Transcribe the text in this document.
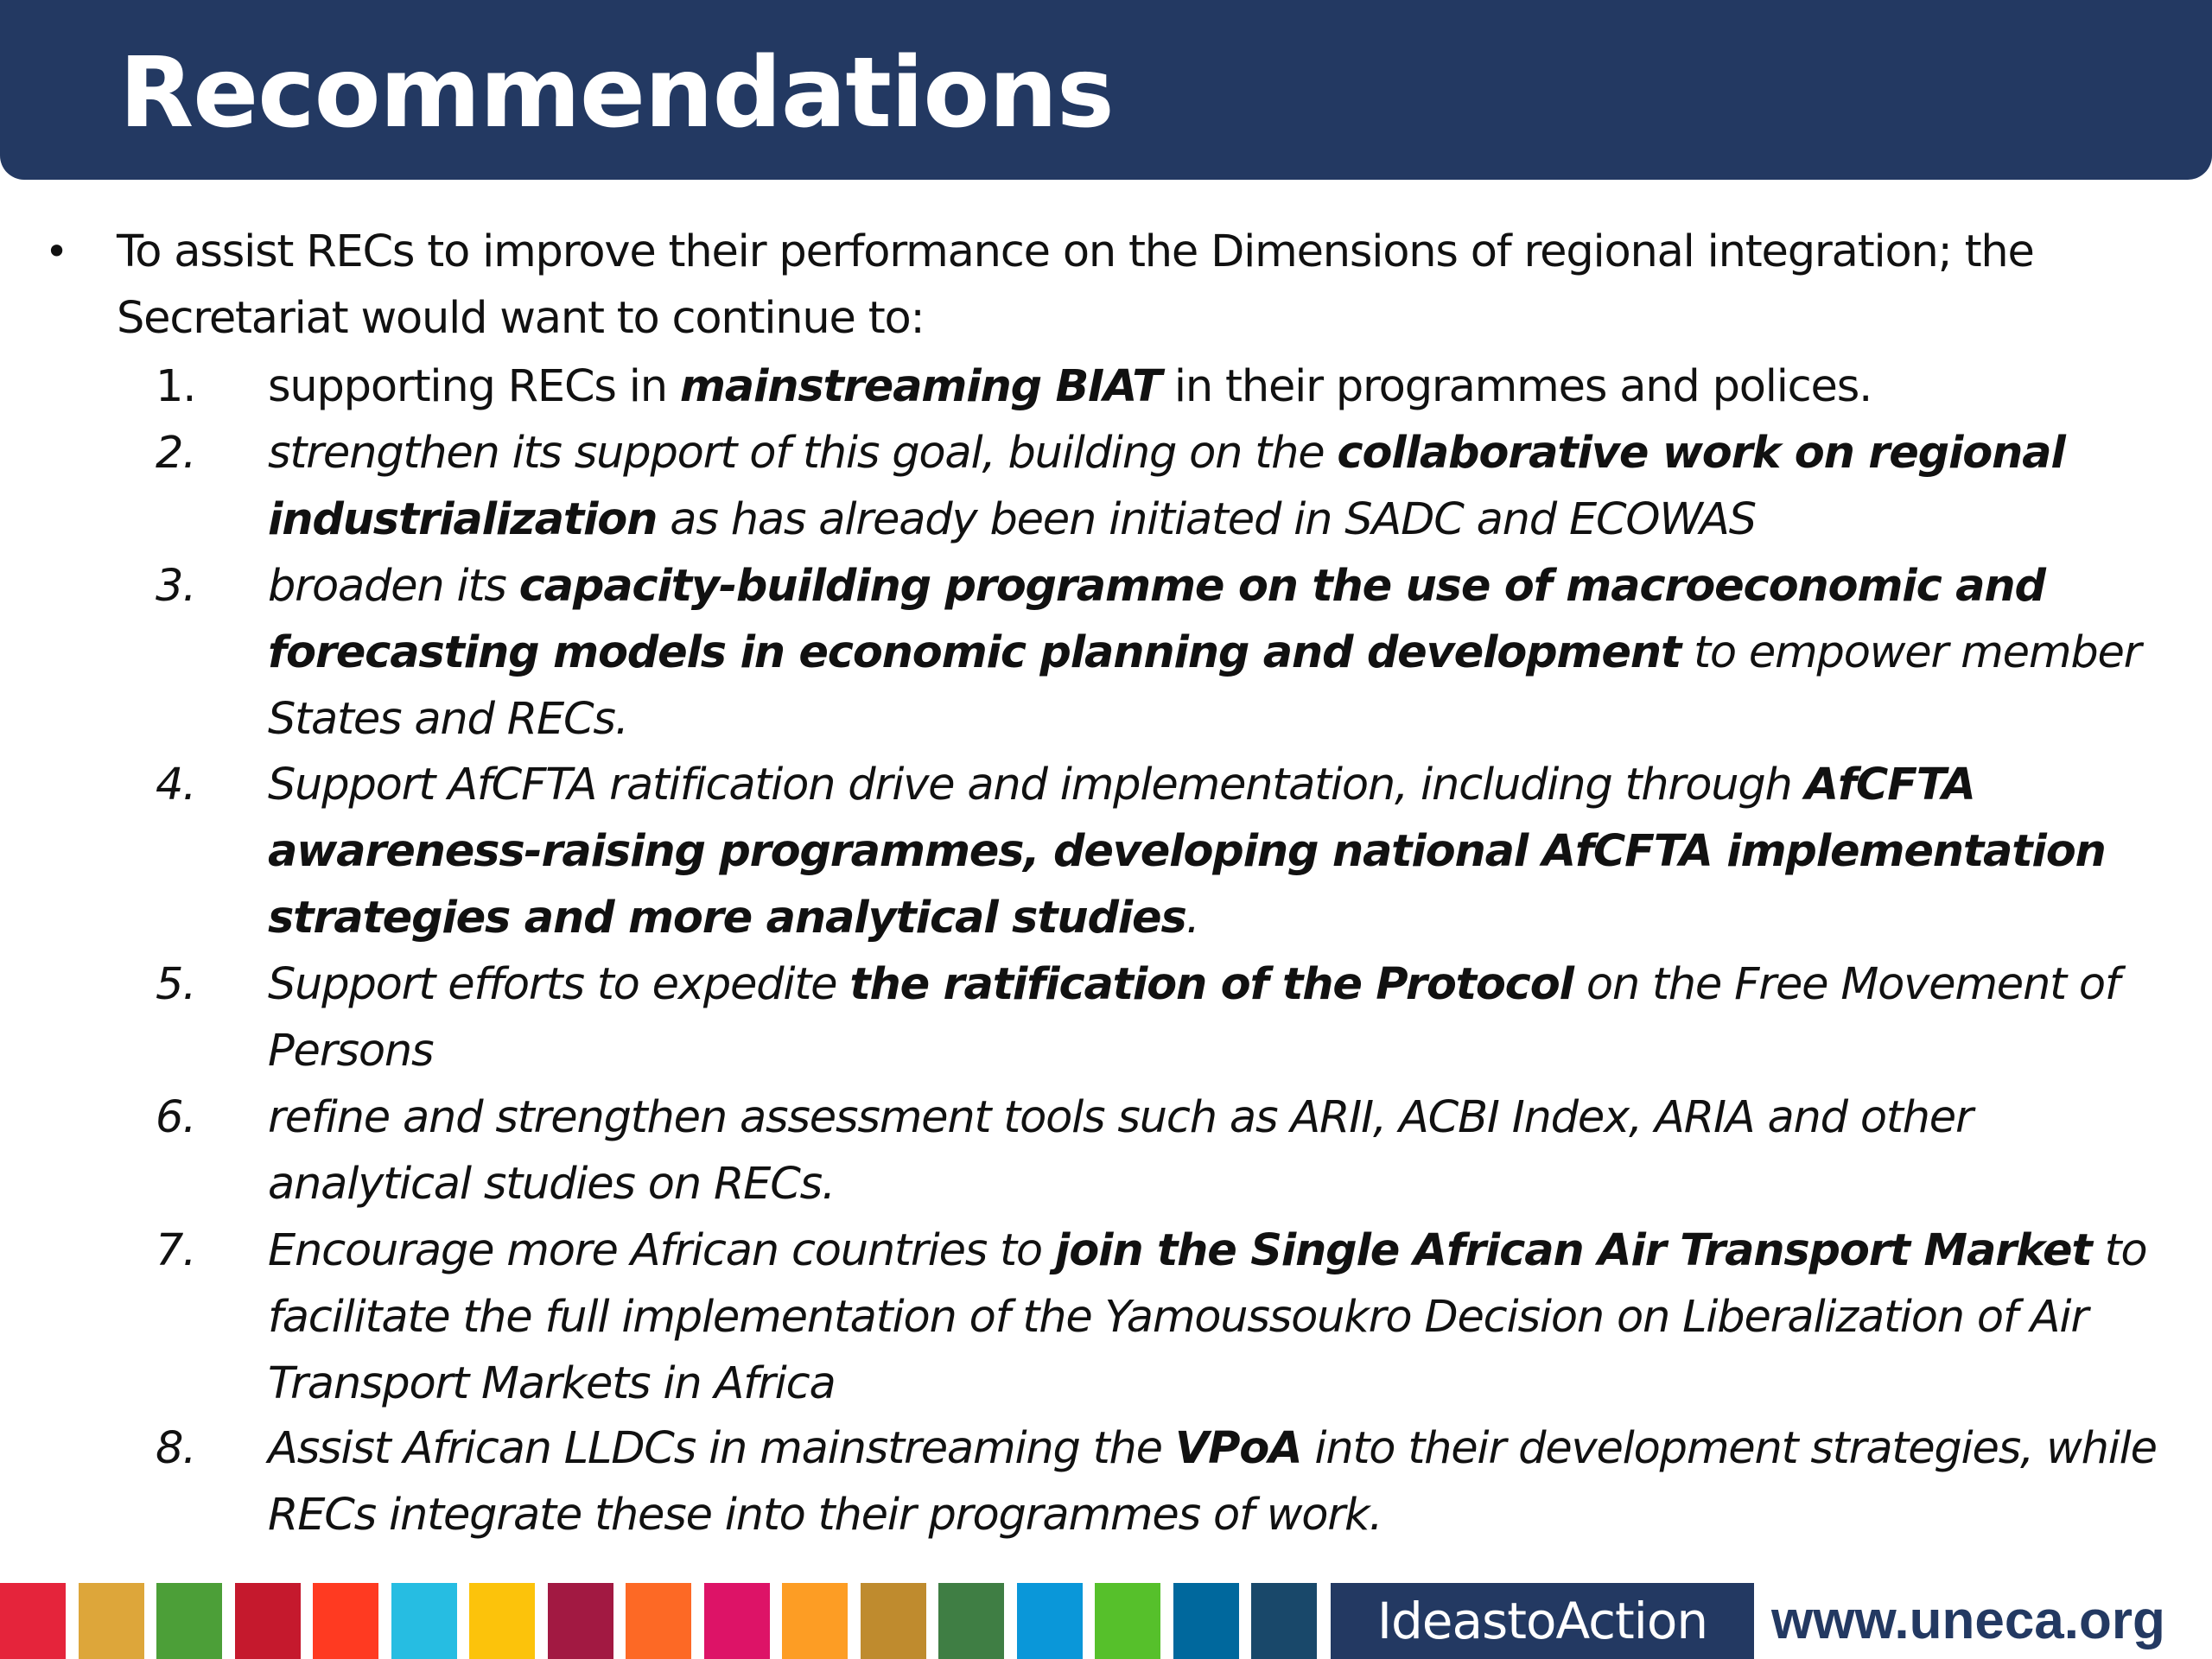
Recommendations
• To assist RECs to improve their performance on the Dimensions of regional integration; the Secretariat would want to continue to:
1. supporting RECs in mainstreaming BIAT in their programmes and polices.
2. strengthen its support of this goal, building on the collaborative work on regional industrialization as has already been initiated in SADC and ECOWAS
3. broaden its capacity-building programme on the use of macroeconomic and forecasting models in economic planning and development to empower member States and RECs.
4. Support AfCFTA ratification drive and implementation, including through AfCFTA awareness-raising programmes, developing national AfCFTA implementation strategies and more analytical studies.
5. Support efforts to expedite the ratification of the Protocol on the Free Movement of Persons
6. refine and strengthen assessment tools such as ARII, ACBI Index, ARIA and other analytical studies on RECs.
7. Encourage more African countries to join the Single African Air Transport Market to facilitate the full implementation of the Yamoussoukro Decision on Liberalization of Air Transport Markets in Africa
8. Assist African LLDCs in mainstreaming the VPoA into their development strategies, while RECs integrate these into their programmes of work.
IdeastoAction	www.uneca.org
